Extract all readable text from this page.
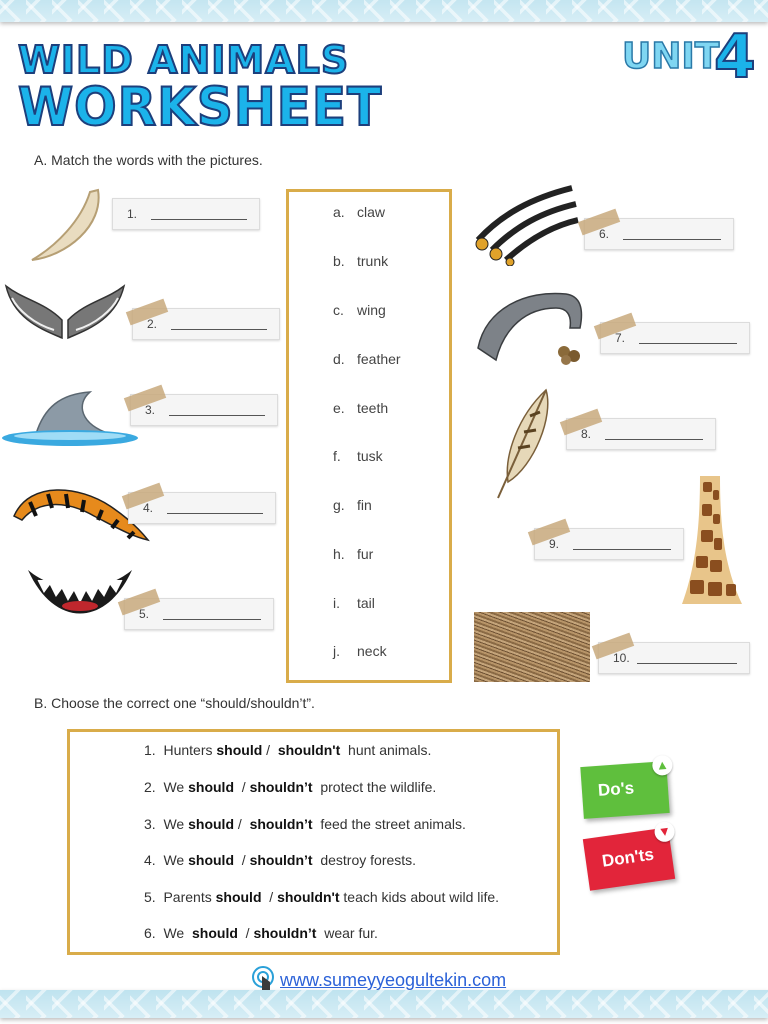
WILD ANIMALS
WORKSHEET
UNIT
4
A. Match the words with the pictures.
1.
2.
3.
4.
5.
a. claw
b. trunk
c. wing
d. feather
e. teeth
f. tusk
g. fin
h. fur
i. tail
j. neck
6.
7.
8.
9.
10.
B. Choose the correct one “should/shouldn’t”.
1. Hunters should /  shouldn't  hunt animals.
2. We should  / shouldn’t  protect the wildlife.
3. We should /  shouldn’t  feed the street animals.
4. We should  / shouldn’t  destroy forests.
5. Parents should  / shouldn't teach kids about wild life.
6. We  should  / shouldn’t  wear fur.
Do's
▲
Don'ts
▼
www.sumeyyeogultekin.com
